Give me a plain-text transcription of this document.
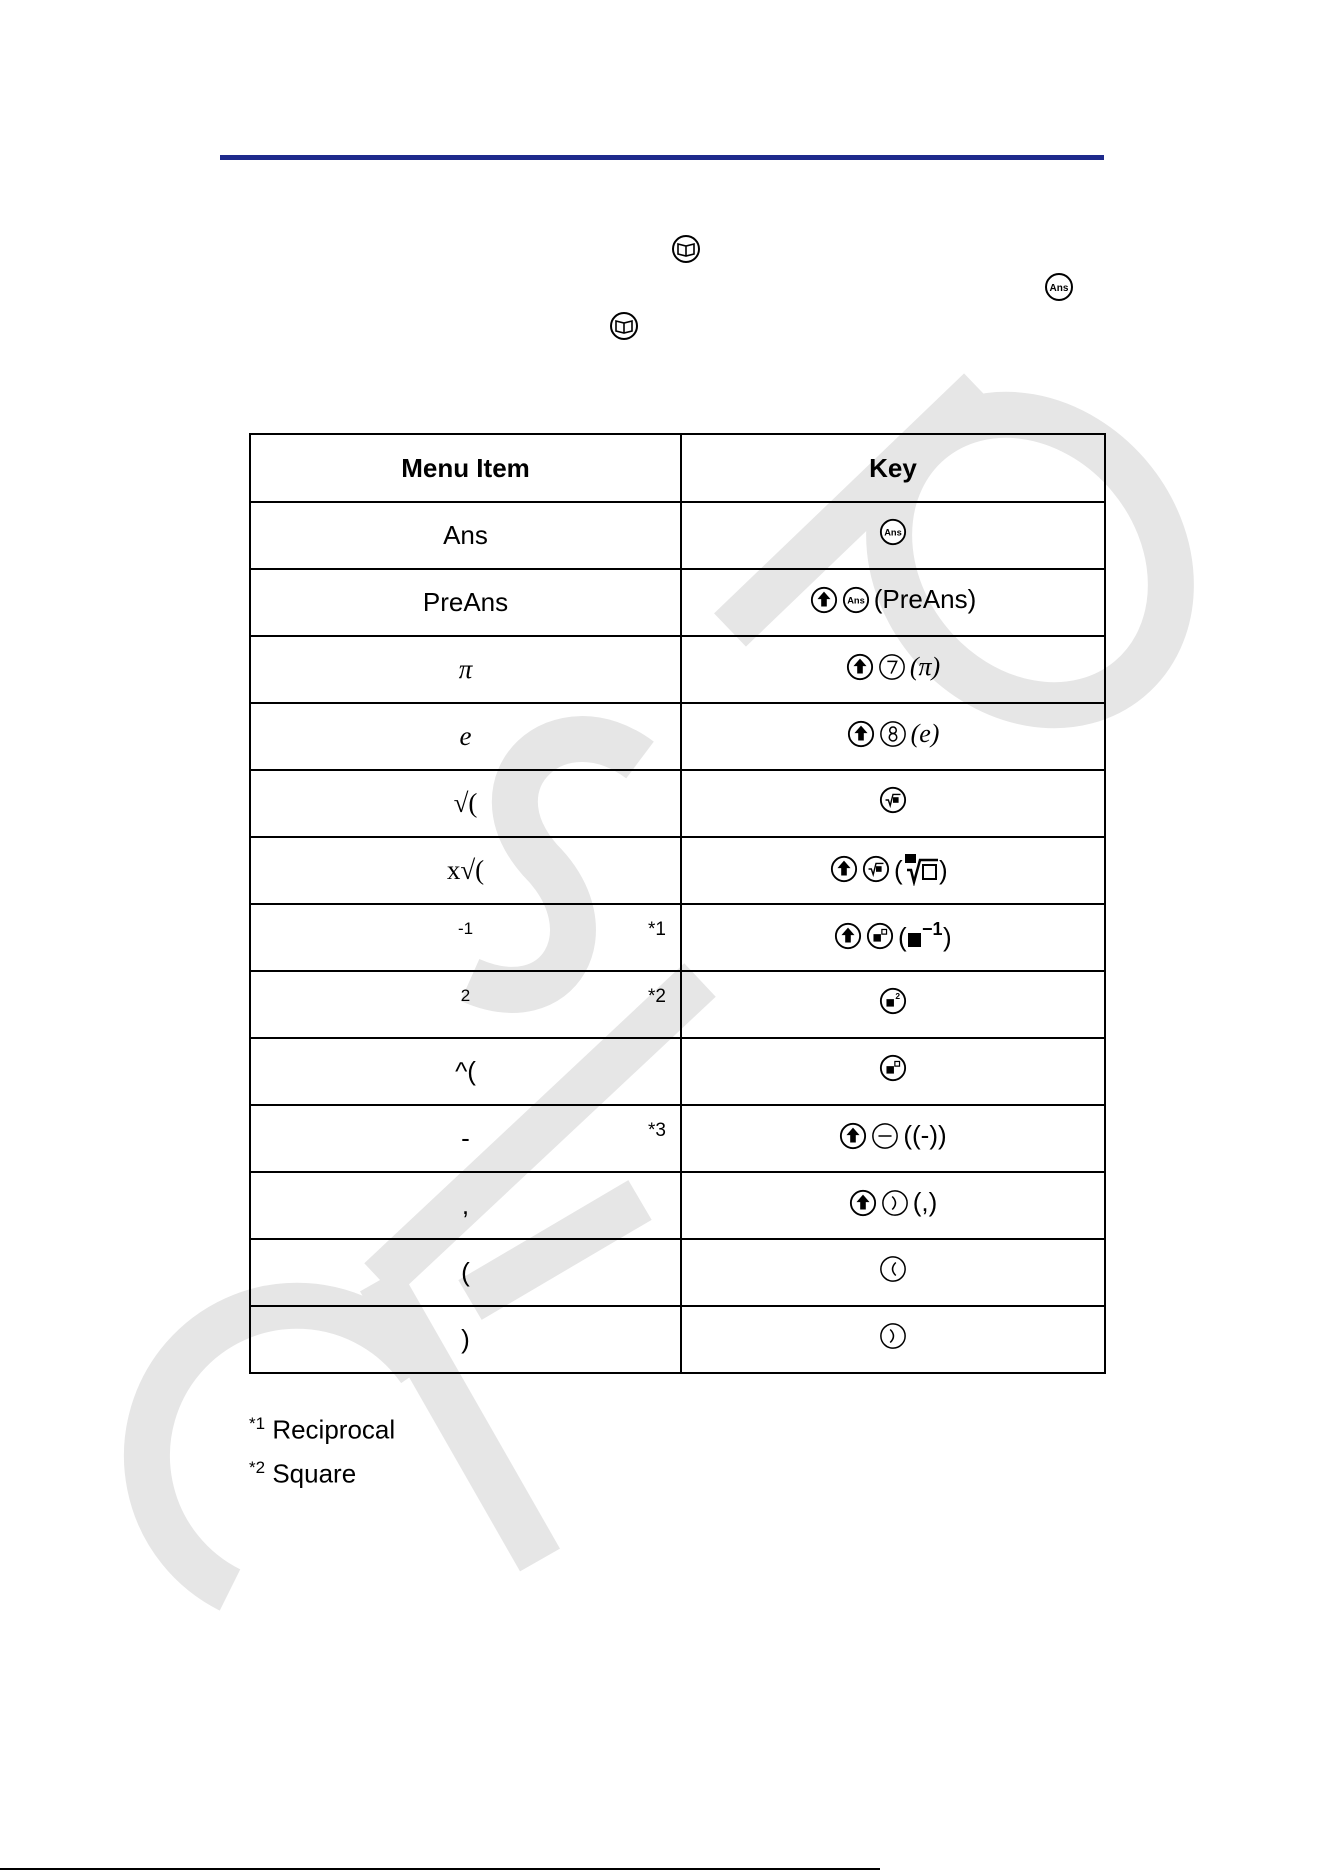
Ans
Menu Item	Key
Ans	Ans

PreAns	Ans (PreAns)

π	(π)

e	(e)

√(	

x√(	( )

-1 *1	( −1 )

2 *2	2

^(	

- *3	((-))

,	(,)

(	

)	
$^{*1}$ Reciprocal
$^{*2}$ Square
